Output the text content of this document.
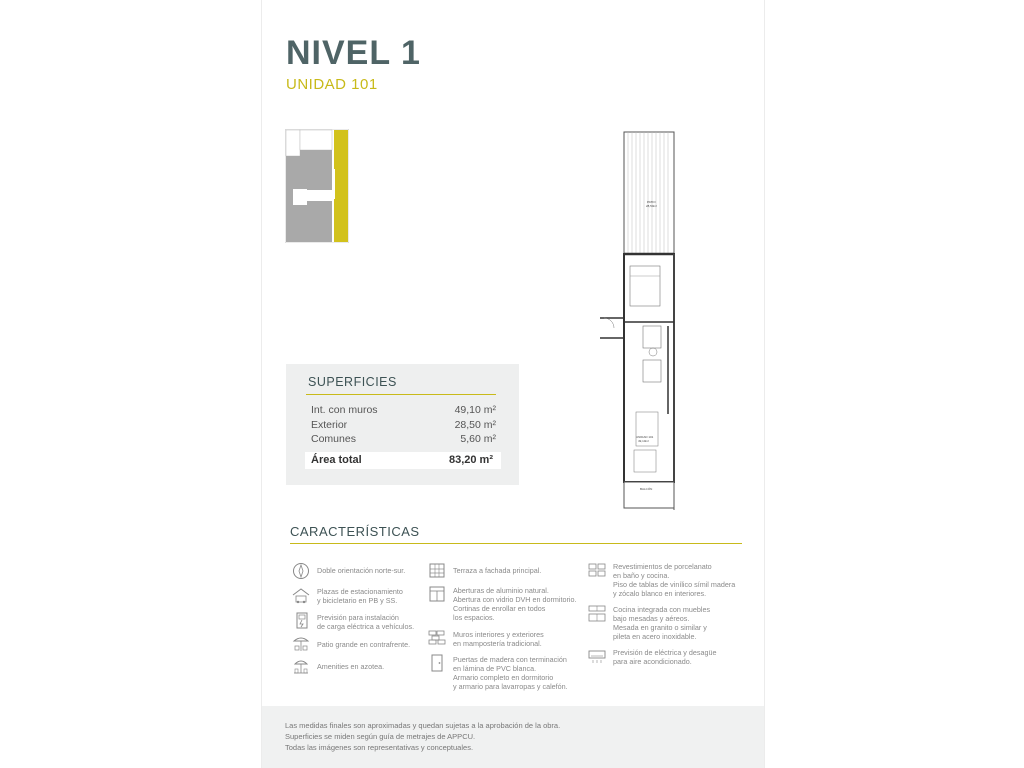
NIVEL 1
UNIDAD 101
PATIO
28,50m²
UNIDAD 101
49,10m²
BALCÓN
SUPERFICIES
Int. con muros	49,10 m²
Exterior	28,50 m²
Comunes	5,60 m²
Área total	83,20 m²
CARACTERÍSTICAS
Doble orientación norte-sur.
Plazas de estacionamiento
y bicicletario en PB y SS.
Previsión para instalación
de carga eléctrica a vehículos.
Patio grande en contrafrente.
Amenities en azotea.
Terraza a fachada principal.
Aberturas de aluminio natural.
Abertura con vidrio DVH en dormitorio.
Cortinas de enrollar en todos
los espacios.
Muros interiores y exteriores
en mampostería tradicional.
Puertas de madera con terminación
en lámina de PVC blanca.
Armario completo en dormitorio
y armario para lavarropas y calefón.
Revestimientos de porcelanato
en baño y cocina.
Piso de tablas de vinílico símil madera
y zócalo blanco en interiores.
Cocina integrada con muebles
bajo mesadas y aéreos.
Mesada en granito o similar y
pileta en acero inoxidable.
Previsión de eléctrica y desagüe
para aire acondicionado.
Las medidas finales son aproximadas y quedan sujetas a la aprobación de la obra.
Superficies se miden según guía de metrajes de APPCU.
Todas las imágenes son representativas y conceptuales.
